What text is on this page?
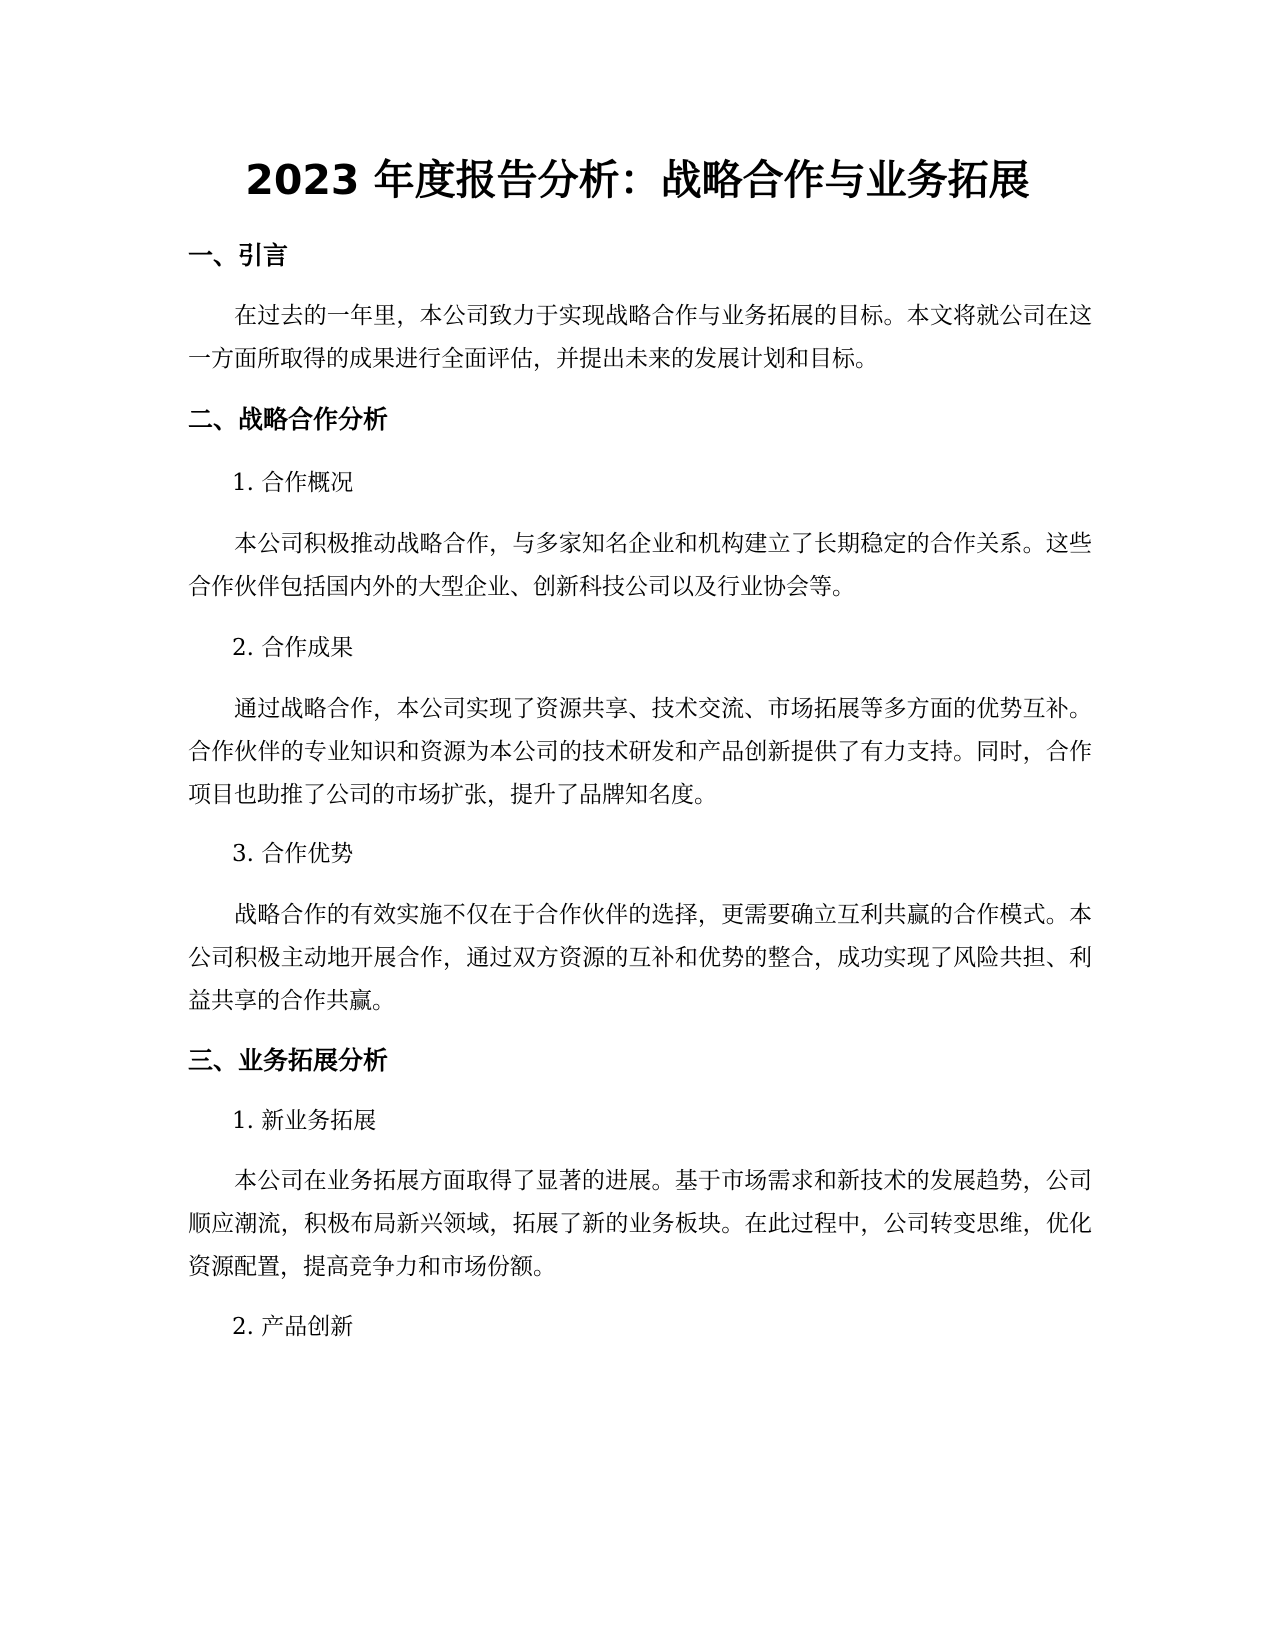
2023 年度报告分析：战略合作与业务拓展
一、引言

在过去的一年里，本公司致力于实现战略合作与业务拓展的目标。本文将就公司在这一方面所取得的成果进行全面评估，并提出未来的发展计划和目标。

二、战略合作分析
1. 合作概况

本公司积极推动战略合作，与多家知名企业和机构建立了长期稳定的合作关系。这些合作伙伴包括国内外的大型企业、创新科技公司以及行业协会等。

2. 合作成果

通过战略合作，本公司实现了资源共享、技术交流、市场拓展等多方面的优势互补。合作伙伴的专业知识和资源为本公司的技术研发和产品创新提供了有力支持。同时，合作项目也助推了公司的市场扩张，提升了品牌知名度。

3. 合作优势

战略合作的有效实施不仅在于合作伙伴的选择，更需要确立互利共赢的合作模式。本公司积极主动地开展合作，通过双方资源的互补和优势的整合，成功实现了风险共担、利益共享的合作共赢。

三、业务拓展分析
1. 新业务拓展

本公司在业务拓展方面取得了显著的进展。基于市场需求和新技术的发展趋势，公司顺应潮流，积极布局新兴领域，拓展了新的业务板块。在此过程中，公司转变思维，优化资源配置，提高竞争力和市场份额。

2. 产品创新
